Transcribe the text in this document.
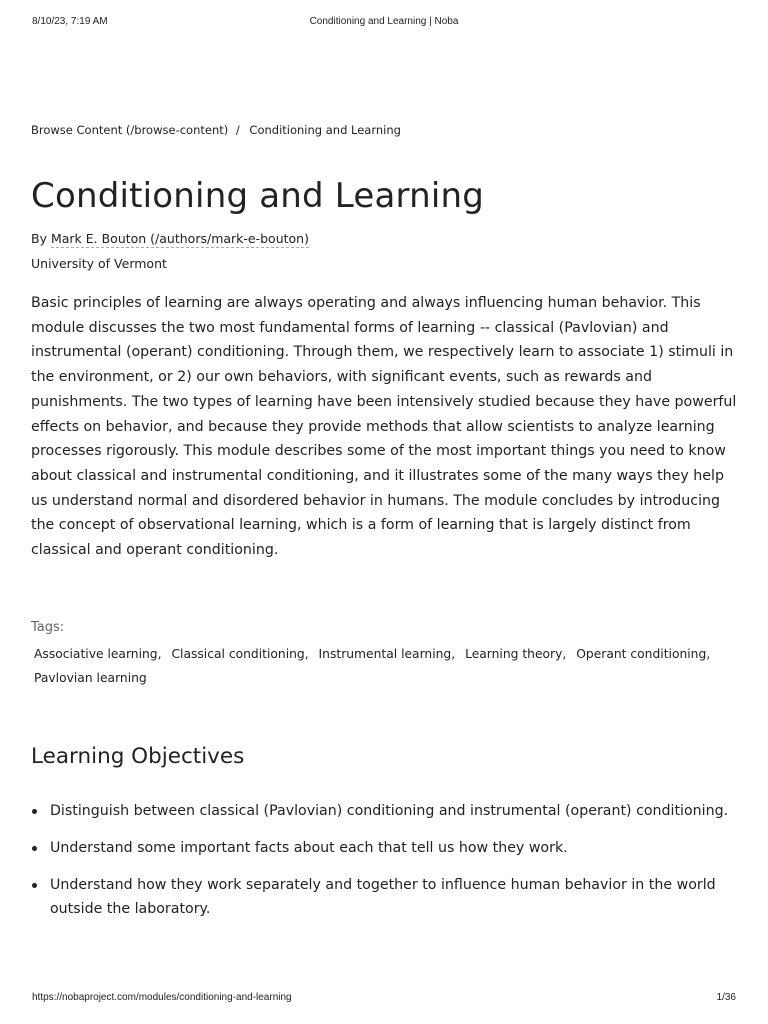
8/10/23, 7:19 AM	Conditioning and Learning | Noba
Browse Content (/browse-content) / Conditioning and Learning
Conditioning and Learning
By Mark E. Bouton (/authors/mark-e-bouton)
University of Vermont

Basic principles of learning are always operating and always influencing human behavior. This module discusses the two most fundamental forms of learning -- classical (Pavlovian) and instrumental (operant) conditioning. Through them, we respectively learn to associate 1) stimuli in the environment, or 2) our own behaviors, with significant events, such as rewards and punishments. The two types of learning have been intensively studied because they have powerful effects on behavior, and because they provide methods that allow scientists to analyze learning processes rigorously. This module describes some of the most important things you need to know about classical and instrumental conditioning, and it illustrates some of the many ways they help us understand normal and disordered behavior in humans. The module concludes by introducing the concept of observational learning, which is a form of learning that is largely distinct from classical and operant conditioning.

Tags:
Associative learning, Classical conditioning, Instrumental learning, Learning theory, Operant conditioning,
Pavlovian learning
Learning Objectives
Distinguish between classical (Pavlovian) conditioning and instrumental (operant) conditioning.
Understand some important facts about each that tell us how they work.
Understand how they work separately and together to influence human behavior in the world outside the laboratory.
https://nobaproject.com/modules/conditioning-and-learning	1/36
